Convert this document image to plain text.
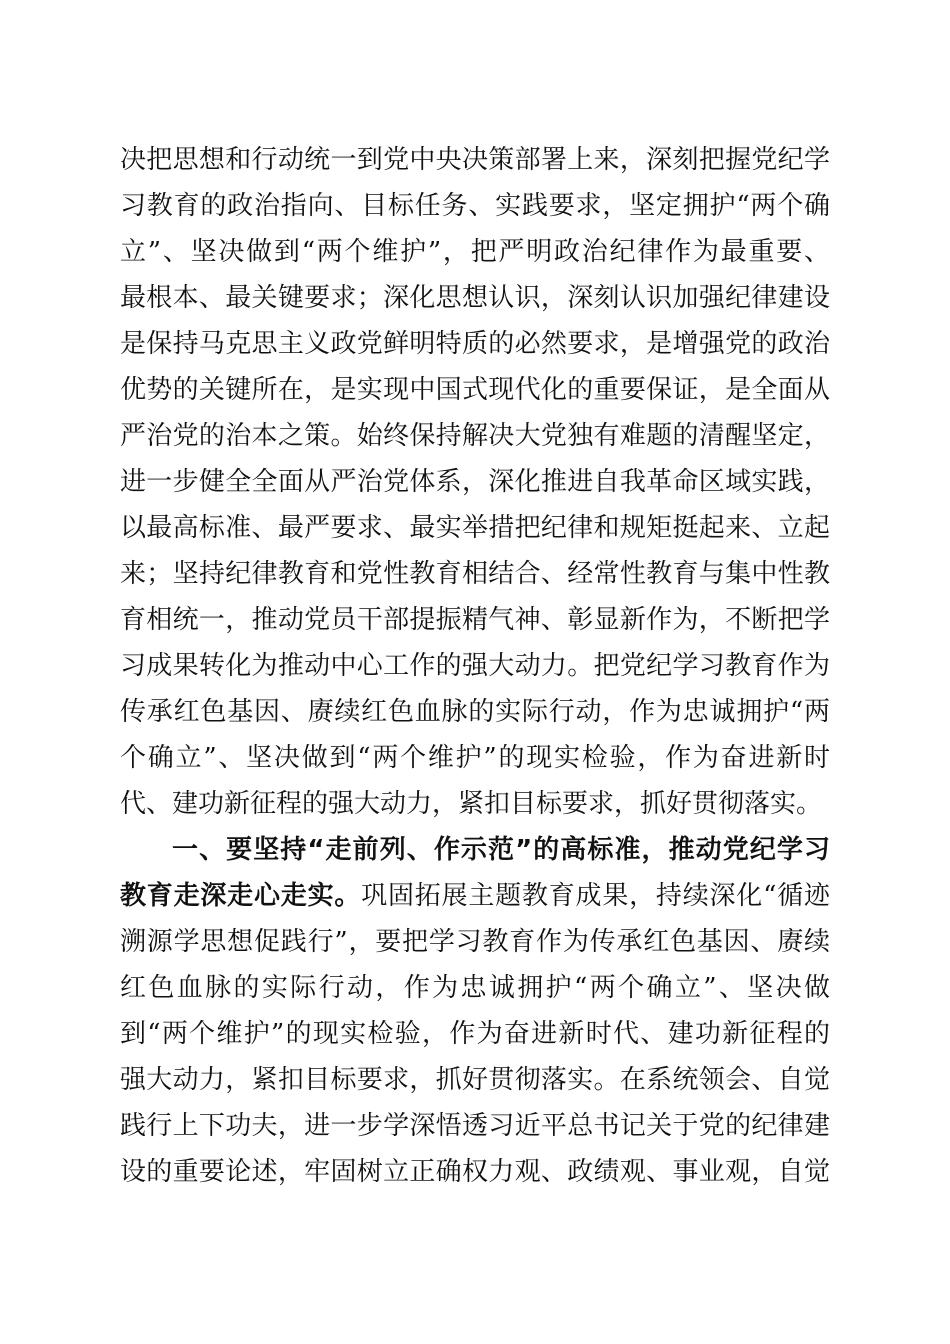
决把思想和行动统一到党中央决策部署上来，深刻把握党纪学
习教育的政治指向、目标任务、实践要求，坚定拥护“两个确
立”、坚决做到“两个维护”，把严明政治纪律作为最重要、
最根本、最关键要求；深化思想认识，深刻认识加强纪律建设
是保持马克思主义政党鲜明特质的必然要求，是增强党的政治
优势的关键所在，是实现中国式现代化的重要保证，是全面从
严治党的治本之策。始终保持解决大党独有难题的清醒坚定，
进一步健全全面从严治党体系，深化推进自我革命区域实践，
以最高标准、最严要求、最实举措把纪律和规矩挺起来、立起
来；坚持纪律教育和党性教育相结合、经常性教育与集中性教
育相统一，推动党员干部提振精气神、彰显新作为，不断把学
习成果转化为推动中心工作的强大动力。把党纪学习教育作为
传承红色基因、赓续红色血脉的实际行动，作为忠诚拥护“两
个确立”、坚决做到“两个维护”的现实检验，作为奋进新时
代、建功新征程的强大动力，紧扣目标要求，抓好贯彻落实。
一、要坚持“走前列、作示范”的高标准，推动党纪学习
教育走深走心走实。巩固拓展主题教育成果，持续深化“循迹
溯源学思想促践行”，要把学习教育作为传承红色基因、赓续
红色血脉的实际行动，作为忠诚拥护“两个确立”、坚决做
到“两个维护”的现实检验，作为奋进新时代、建功新征程的
强大动力，紧扣目标要求，抓好贯彻落实。在系统领会、自觉
践行上下功夫，进一步学深悟透习近平总书记关于党的纪律建
设的重要论述，牢固树立正确权力观、政绩观、事业观，自觉
